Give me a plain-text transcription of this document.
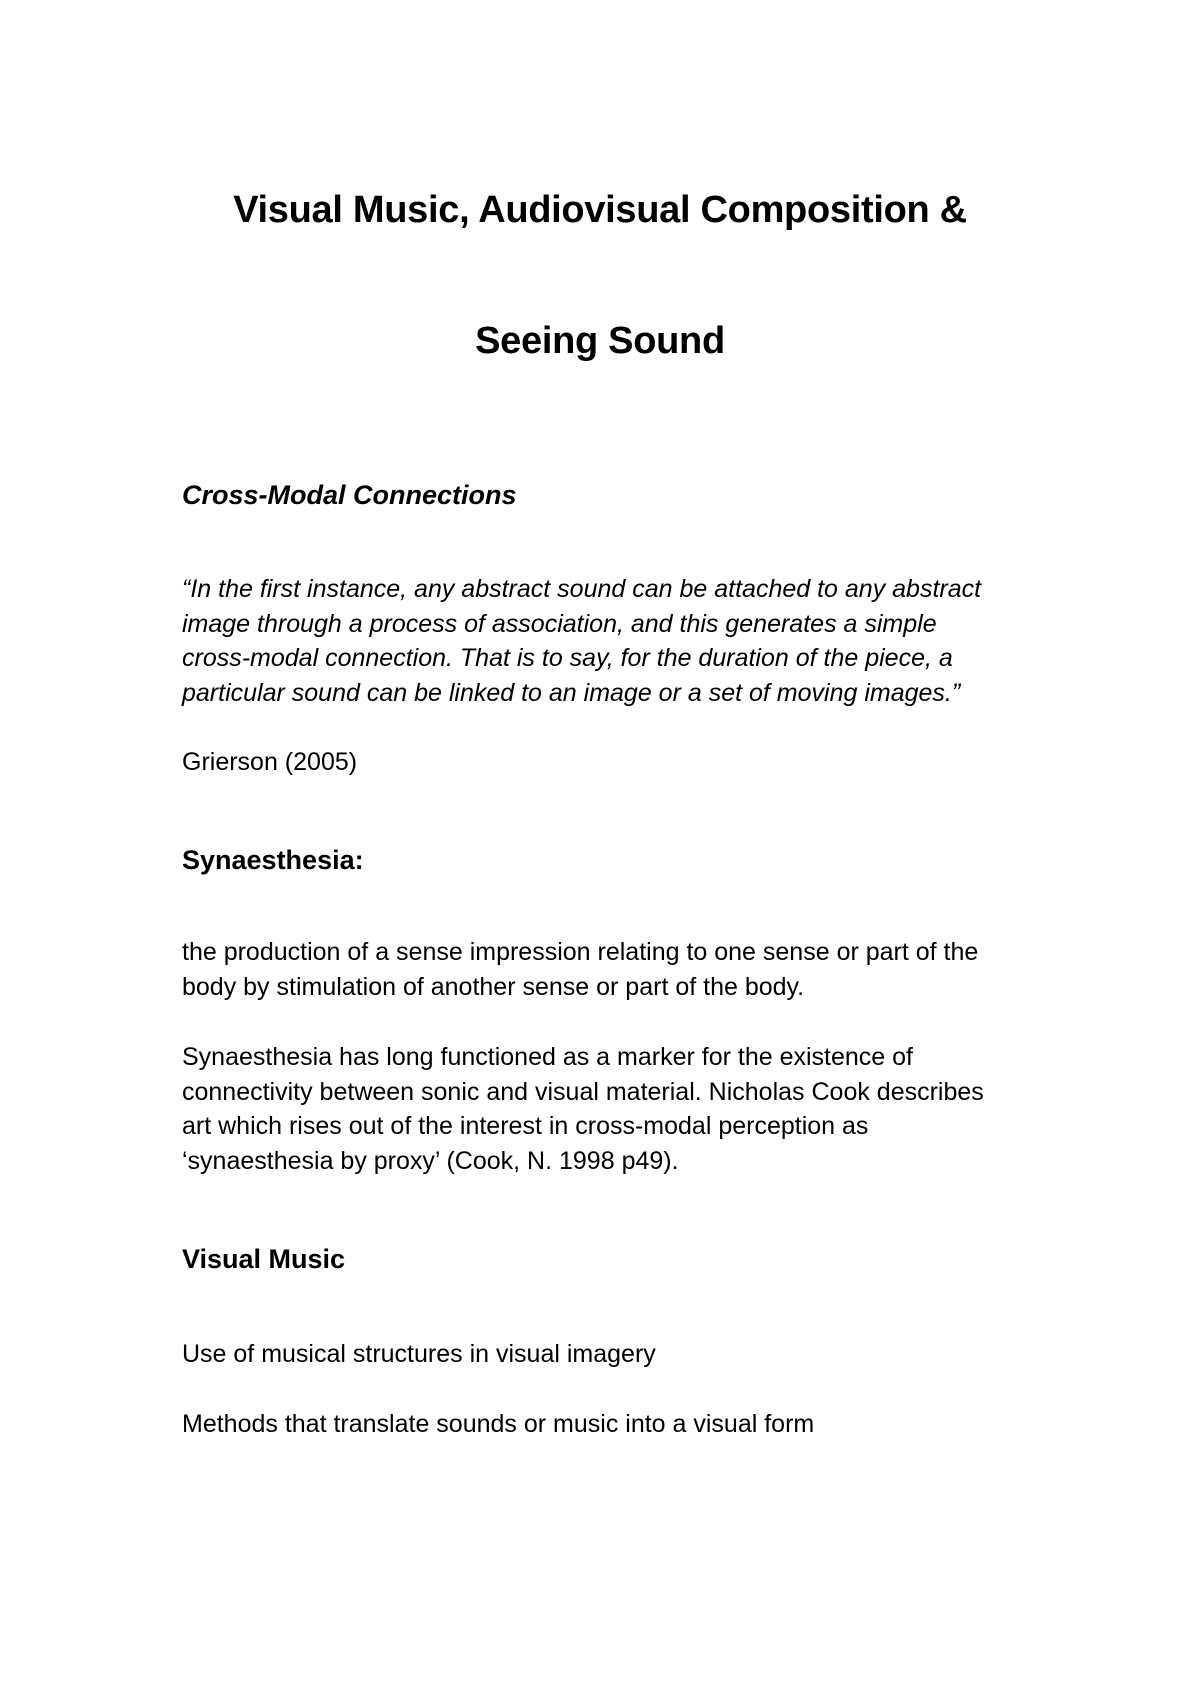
Visual Music, Audiovisual Composition &
Seeing Sound
Cross-Modal Connections
“In the first instance, any abstract sound can be attached to any abstract
image through a process of association, and this generates a simple
cross-modal connection. That is to say, for the duration of the piece, a
particular sound can be linked to an image or a set of moving images.”
Grierson (2005)
Synaesthesia:
the production of a sense impression relating to one sense or part of the
body by stimulation of another sense or part of the body.
Synaesthesia has long functioned as a marker for the existence of
connectivity between sonic and visual material. Nicholas Cook describes
art which rises out of the interest in cross-modal perception as
‘synaesthesia by proxy’ (Cook, N. 1998 p49).
Visual Music
Use of musical structures in visual imagery
Methods that translate sounds or music into a visual form
